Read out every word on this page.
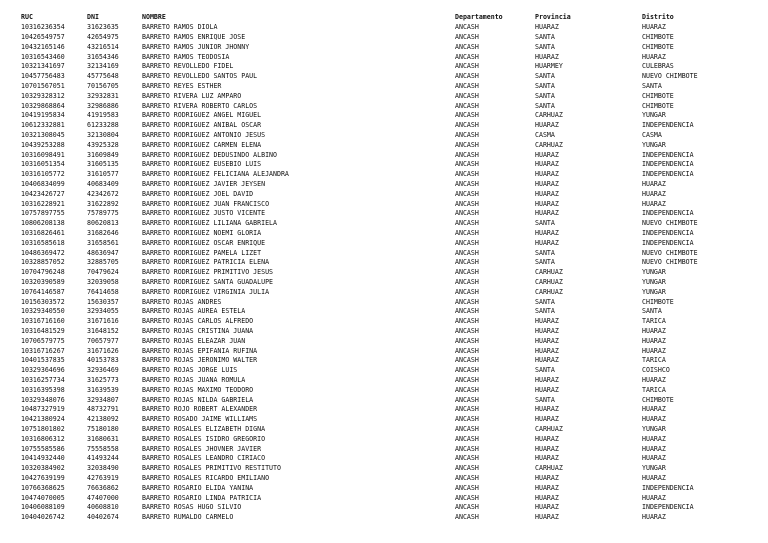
RUC	DNI	NOMBRE	Departamento	Provincia	Distrito
10316236354	31623635	BARRETO RAMOS DIOLA	ANCASH	HUARAZ	HUARAZ
10426549757	42654975	BARRETO RAMOS ENRIQUE JOSE	ANCASH	SANTA	CHIMBOTE
10432165146	43216514	BARRETO RAMOS JUNIOR JHONNY	ANCASH	SANTA	CHIMBOTE
10316543460	31654346	BARRETO RAMOS TEODOSIA	ANCASH	HUARAZ	HUARAZ
10321341697	32134169	BARRETO REVOLLEDO FIDEL	ANCASH	HUARMEY	CULEBRAS
10457756483	45775648	BARRETO REVOLLEDO SANTOS PAUL	ANCASH	SANTA	NUEVO CHIMBOTE
10701567051	70156705	BARRETO REYES ESTHER	ANCASH	SANTA	SANTA
10329328312	32932831	BARRETO RIVERA LUZ AMPARO	ANCASH	SANTA	CHIMBOTE
10329868864	32986886	BARRETO RIVERA ROBERTO CARLOS	ANCASH	SANTA	CHIMBOTE
10419195834	41919583	BARRETO RODRIGUEZ ANGEL MIGUEL	ANCASH	CARHUAZ	YUNGAR
10612332881	61233288	BARRETO RODRIGUEZ ANIBAL OSCAR	ANCASH	HUARAZ	INDEPENDENCIA
10321308045	32130804	BARRETO RODRIGUEZ ANTONIO JESUS	ANCASH	CASMA	CASMA
10439253288	43925328	BARRETO RODRIGUEZ CARMEN ELENA	ANCASH	CARHUAZ	YUNGAR
10316098491	31609849	BARRETO RODRIGUEZ DEDUSINDO ALBINO	ANCASH	HUARAZ	INDEPENDENCIA
10316051354	31605135	BARRETO RODRIGUEZ EUSEBIO LUIS	ANCASH	HUARAZ	INDEPENDENCIA
10316105772	31610577	BARRETO RODRIGUEZ FELICIANA ALEJANDRA	ANCASH	HUARAZ	INDEPENDENCIA
10406834099	40683409	BARRETO RODRIGUEZ JAVIER JEYSEN	ANCASH	HUARAZ	HUARAZ
10423426727	42342672	BARRETO RODRIGUEZ JOEL DAVID	ANCASH	HUARAZ	HUARAZ
10316228921	31622892	BARRETO RODRIGUEZ JUAN FRANCISCO	ANCASH	HUARAZ	HUARAZ
10757897755	75789775	BARRETO RODRIGUEZ JUSTO VICENTE	ANCASH	HUARAZ	INDEPENDENCIA
10806208138	80620813	BARRETO RODRIGUEZ LILIANA GABRIELA	ANCASH	SANTA	NUEVO CHIMBOTE
10316826461	31682646	BARRETO RODRIGUEZ NOEMI GLORIA	ANCASH	HUARAZ	INDEPENDENCIA
10316585618	31658561	BARRETO RODRIGUEZ OSCAR ENRIQUE	ANCASH	HUARAZ	INDEPENDENCIA
10486369472	48636947	BARRETO RODRIGUEZ PAMELA LIZET	ANCASH	SANTA	NUEVO CHIMBOTE
10328857052	32885705	BARRETO RODRIGUEZ PATRICIA ELENA	ANCASH	SANTA	NUEVO CHIMBOTE
10704796248	70479624	BARRETO RODRIGUEZ PRIMITIVO JESUS	ANCASH	CARHUAZ	YUNGAR
10320390589	32039058	BARRETO RODRIGUEZ SANTA GUADALUPE	ANCASH	CARHUAZ	YUNGAR
10764146587	76414658	BARRETO RODRIGUEZ VIRGINIA JULIA	ANCASH	CARHUAZ	YUNGAR
10156303572	15630357	BARRETO ROJAS ANDRES	ANCASH	SANTA	CHIMBOTE
10329340550	32934055	BARRETO ROJAS AUREA ESTELA	ANCASH	SANTA	SANTA
10316716160	31671616	BARRETO ROJAS CARLOS ALFREDO	ANCASH	HUARAZ	TARICA
10316481529	31648152	BARRETO ROJAS CRISTINA JUANA	ANCASH	HUARAZ	HUARAZ
10706579775	70657977	BARRETO ROJAS ELEAZAR JUAN	ANCASH	HUARAZ	HUARAZ
10316716267	31671626	BARRETO ROJAS EPIFANIA RUFINA	ANCASH	HUARAZ	HUARAZ
10401537835	40153783	BARRETO ROJAS JERONIMO WALTER	ANCASH	HUARAZ	TARICA
10329364696	32936469	BARRETO ROJAS JORGE LUIS	ANCASH	SANTA	COISHCO
10316257734	31625773	BARRETO ROJAS JUANA ROMULA	ANCASH	HUARAZ	HUARAZ
10316395398	31639539	BARRETO ROJAS MAXIMO TEODORO	ANCASH	HUARAZ	TARICA
10329348076	32934807	BARRETO ROJAS NILDA GABRIELA	ANCASH	SANTA	CHIMBOTE
10487327919	48732791	BARRETO ROJO ROBERT ALEXANDER	ANCASH	HUARAZ	HUARAZ
10421380924	42138092	BARRETO ROSADO JAIME WILLIAMS	ANCASH	HUARAZ	HUARAZ
10751801802	75180180	BARRETO ROSALES ELIZABETH DIGNA	ANCASH	CARHUAZ	YUNGAR
10316806312	31680631	BARRETO ROSALES ISIDRO GREGORIO	ANCASH	HUARAZ	HUARAZ
10755585586	75558558	BARRETO ROSALES JHOVNER JAVIER	ANCASH	HUARAZ	HUARAZ
10414932440	41493244	BARRETO ROSALES LEANDRO CIRIACO	ANCASH	HUARAZ	HUARAZ
10320384902	32038490	BARRETO ROSALES PRIMITIVO RESTITUTO	ANCASH	CARHUAZ	YUNGAR
10427639199	42763919	BARRETO ROSALES RICARDO EMILIANO	ANCASH	HUARAZ	HUARAZ
10766368625	76636862	BARRETO ROSARIO ELIDA YANINA	ANCASH	HUARAZ	INDEPENDENCIA
10474070005	47407000	BARRETO ROSARIO LINDA PATRICIA	ANCASH	HUARAZ	HUARAZ
10406088109	40608810	BARRETO ROSAS HUGO SILVIO	ANCASH	HUARAZ	INDEPENDENCIA
10404026742	40402674	BARRETO RUMALDO CARMELO	ANCASH	HUARAZ	HUARAZ
